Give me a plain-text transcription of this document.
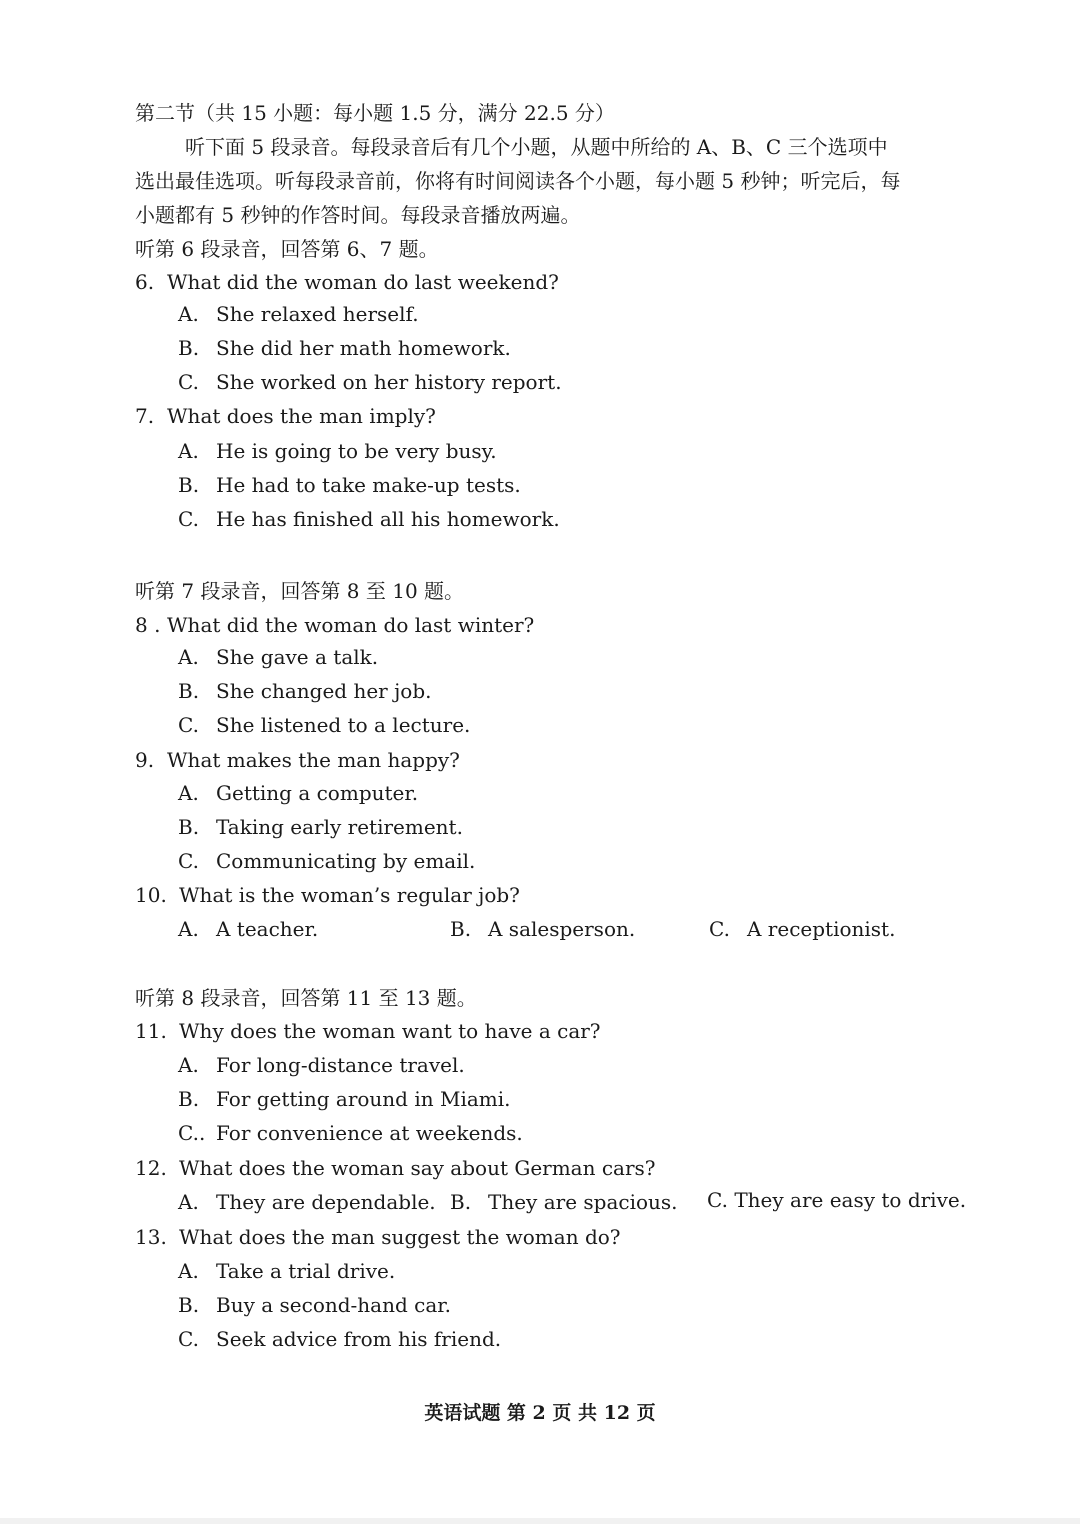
第二节（共 15 小题：每小题 1.5 分，满分 22.5 分）
听下面 5 段录音。每段录音后有几个小题，从题中所给的 A、B、C 三个选项中
选出最佳选项。听每段录音前，你将有时间阅读各个小题，每小题 5 秒钟；听完后，每
小题都有 5 秒钟的作答时间。每段录音播放两遍。
听第 6 段录音，回答第 6、7 题。
6. What did the woman do last weekend?
A. She relaxed herself.
B. She did her math homework.
C. She worked on her history report.
7. What does the man imply?
A. He is going to be very busy.
B. He had to take make-up tests.
C. He has finished all his homework.
听第 7 段录音，回答第 8 至 10 题。
8 . What did the woman do last winter?
A. She gave a talk.
B. She changed her job.
C. She listened to a lecture.
9. What makes the man happy?
A. Getting a computer.
B. Taking early retirement.
C. Communicating by email.
10. What is the woman’s regular job?
A. A teacher.	B. A salesperson.	C. A receptionist.
听第 8 段录音，回答第 11 至 13 题。
11. Why does the woman want to have a car?
A. For long-distance travel.
B. For getting around in Miami.
C.. For convenience at weekends.
12. What does the woman say about German cars?
A. They are dependable. B. They are spacious. C. They are easy to drive.
13. What does the man suggest the woman do?
A. Take a trial drive.
B. Buy a second-hand car.
C. Seek advice from his friend.
英语试题 第 2 页 共 12 页
